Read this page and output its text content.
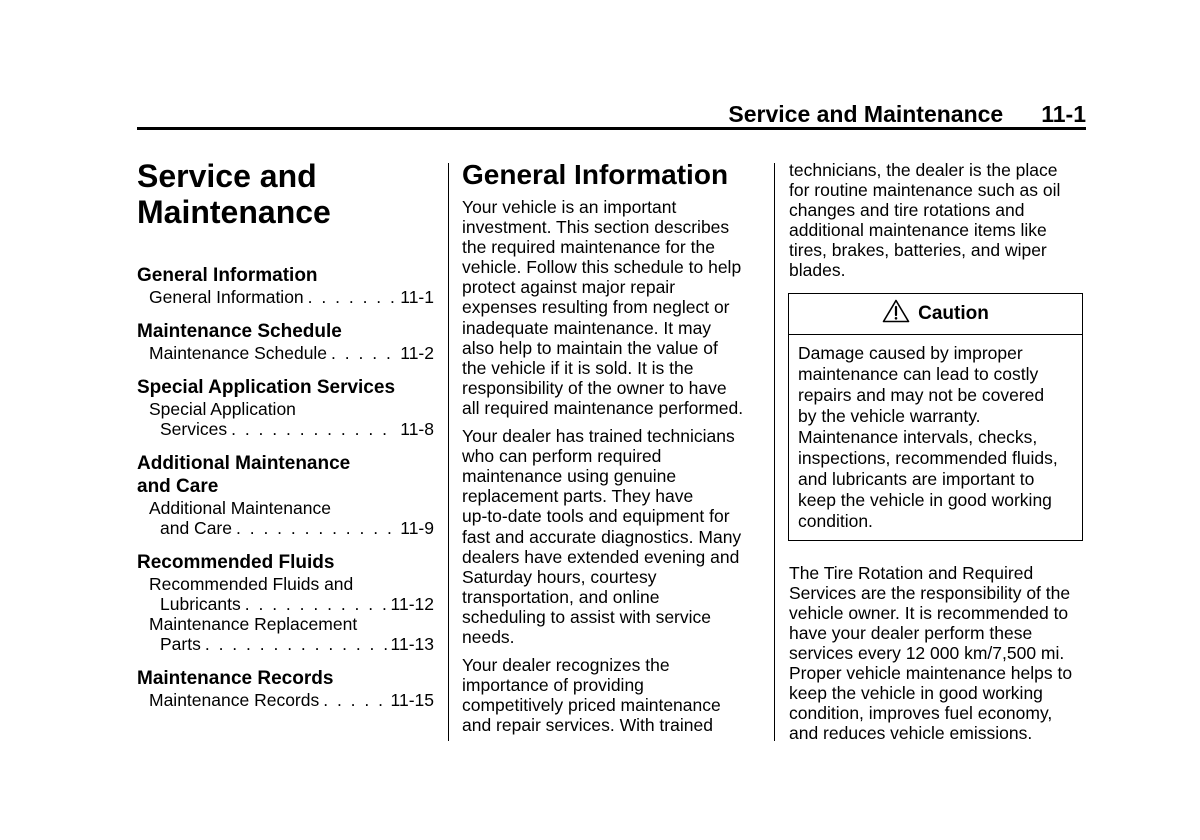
Service and Maintenance 11-1
Service and
Maintenance
General Information
General Information . . .	11-1
Maintenance Schedule
Maintenance Schedule . . .	11-2
Special Application Services
Special Application
Services . . .	11-8
Additional Maintenance
and Care
Additional Maintenance
and Care . . .	11-9
Recommended Fluids
Recommended Fluids and
Lubricants . . .	11-12
Maintenance Replacement
Parts . . .	11-13
Maintenance Records
Maintenance Records . . .	11-15
General Information
Your vehicle is an important
investment. This section describes
the required maintenance for the
vehicle. Follow this schedule to help
protect against major repair
expenses resulting from neglect or
inadequate maintenance. It may
also help to maintain the value of
the vehicle if it is sold. It is the
responsibility of the owner to have
all required maintenance performed.
Your dealer has trained technicians
who can perform required
maintenance using genuine
replacement parts. They have
up-to-date tools and equipment for
fast and accurate diagnostics. Many
dealers have extended evening and
Saturday hours, courtesy
transportation, and online
scheduling to assist with service
needs.
Your dealer recognizes the
importance of providing
competitively priced maintenance
and repair services. With trained
technicians, the dealer is the place
for routine maintenance such as oil
changes and tire rotations and
additional maintenance items like
tires, brakes, batteries, and wiper
blades.
Caution
Damage caused by improper
maintenance can lead to costly
repairs and may not be covered
by the vehicle warranty.
Maintenance intervals, checks,
inspections, recommended fluids,
and lubricants are important to
keep the vehicle in good working
condition.
The Tire Rotation and Required
Services are the responsibility of the
vehicle owner. It is recommended to
have your dealer perform these
services every 12 000 km/7,500 mi.
Proper vehicle maintenance helps to
keep the vehicle in good working
condition, improves fuel economy,
and reduces vehicle emissions.
